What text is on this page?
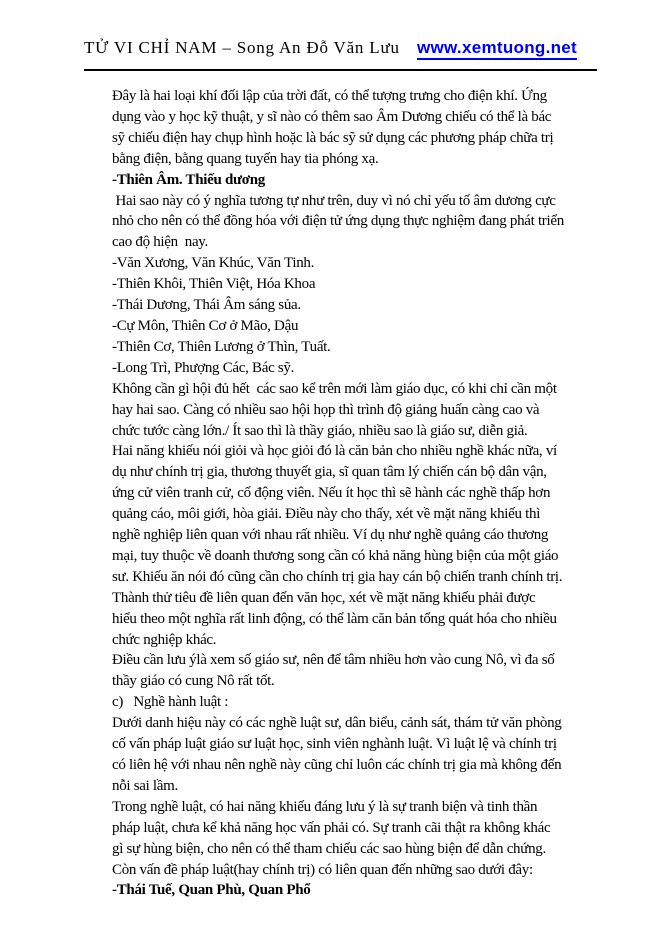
TỬ VI CHỈ NAM – Song An Đỗ Văn Lưu www.xemtuong.net
Đây là hai loại khí đối lập của trời đất, có thể tượng trưng cho điện khí. Ứng
dụng vào y học kỹ thuật, y sĩ nào có thêm sao Âm Dương chiếu có thể là bác
sỹ chiếu điện hay chụp hình hoặc là bác sỹ sử dụng các phương pháp chữa trị
bằng điện, bằng quang tuyến hay tia phóng xạ.
-Thiên Âm. Thiếu dương
Hai sao này có ý nghĩa tương tự như trên, duy vì nó chỉ yếu tố âm dương cực
nhỏ cho nên có thể đồng hóa với điện tử ứng dụng thực nghiệm đang phát triển
cao độ hiện  nay.
-Văn Xương, Văn Khúc, Văn Tinh.
-Thiên Khôi, Thiên Việt, Hóa Khoa
-Thái Dương, Thái Âm sáng sủa.
-Cự Môn, Thiên Cơ ở Mão, Dậu
-Thiên Cơ, Thiên Lương ở Thìn, Tuất.
-Long Trì, Phượng Các, Bác sỹ.
Không cần gì hội đủ hết  các sao kể trên mới làm giáo dục, có khi chỉ cần một
hay hai sao. Càng có nhiều sao hội họp thì trình độ giảng huấn càng cao và
chức tước càng lớn./ Ít sao thì là thầy giáo, nhiều sao là giáo sư, diễn giả.
Hai năng khiếu nói giỏi và học giỏi đó là căn bản cho nhiều nghề khác nữa, ví
dụ như chính trị gia, thương thuyết gia, sĩ quan tâm lý chiến cán bộ dân vận,
ứng cử viên tranh cử, cổ động viên. Nếu ít học thì sẽ hành các nghề thấp hơn
quảng cáo, môi giới, hòa giải. Điều này cho thấy, xét về mặt năng khiếu thì
nghề nghiệp liên quan với nhau rất nhiều. Ví dụ như nghề quảng cáo thương
mại, tuy thuộc về doanh thương song cần có khả năng hùng biện của một giáo
sư. Khiếu ăn nói đó cũng cần cho chính trị gia hay cán bộ chiến tranh chính trị.
Thành thử tiêu đề liên quan đến văn học, xét về mặt năng khiếu phải được
hiểu theo một nghĩa rất linh động, có thể làm căn bản tổng quát hóa cho nhiều
chức nghiệp khác.
Điều cần lưu ýlà xem số giáo sư, nên để tâm nhiều hơn vào cung Nô, vì đa số
thầy giáo có cung Nô rất tốt.
c)   Nghề hành luật :
Dưới danh hiệu này có các nghề luật sư, dân biểu, cảnh sát, thám tử văn phòng
cố vấn pháp luật giáo sư luật học, sinh viên nghành luật. Vì luật lệ và chính trị
có liên hệ với nhau nên nghề này cũng chỉ luôn các chính trị gia mà không đến
nỗi sai lầm.
Trong nghề luật, có hai năng khiếu đáng lưu ý là sự tranh biện và tinh thần
pháp luật, chưa kể khả năng học vấn phải có. Sự tranh cãi thật ra không khác
gì sự hùng biện, cho nên có thể tham chiếu các sao hùng biện để dẫn chứng.
Còn vấn đề pháp luật(hay chính trị) có liên quan đến những sao dưới đây:
-Thái Tuế, Quan Phù, Quan Phổ
